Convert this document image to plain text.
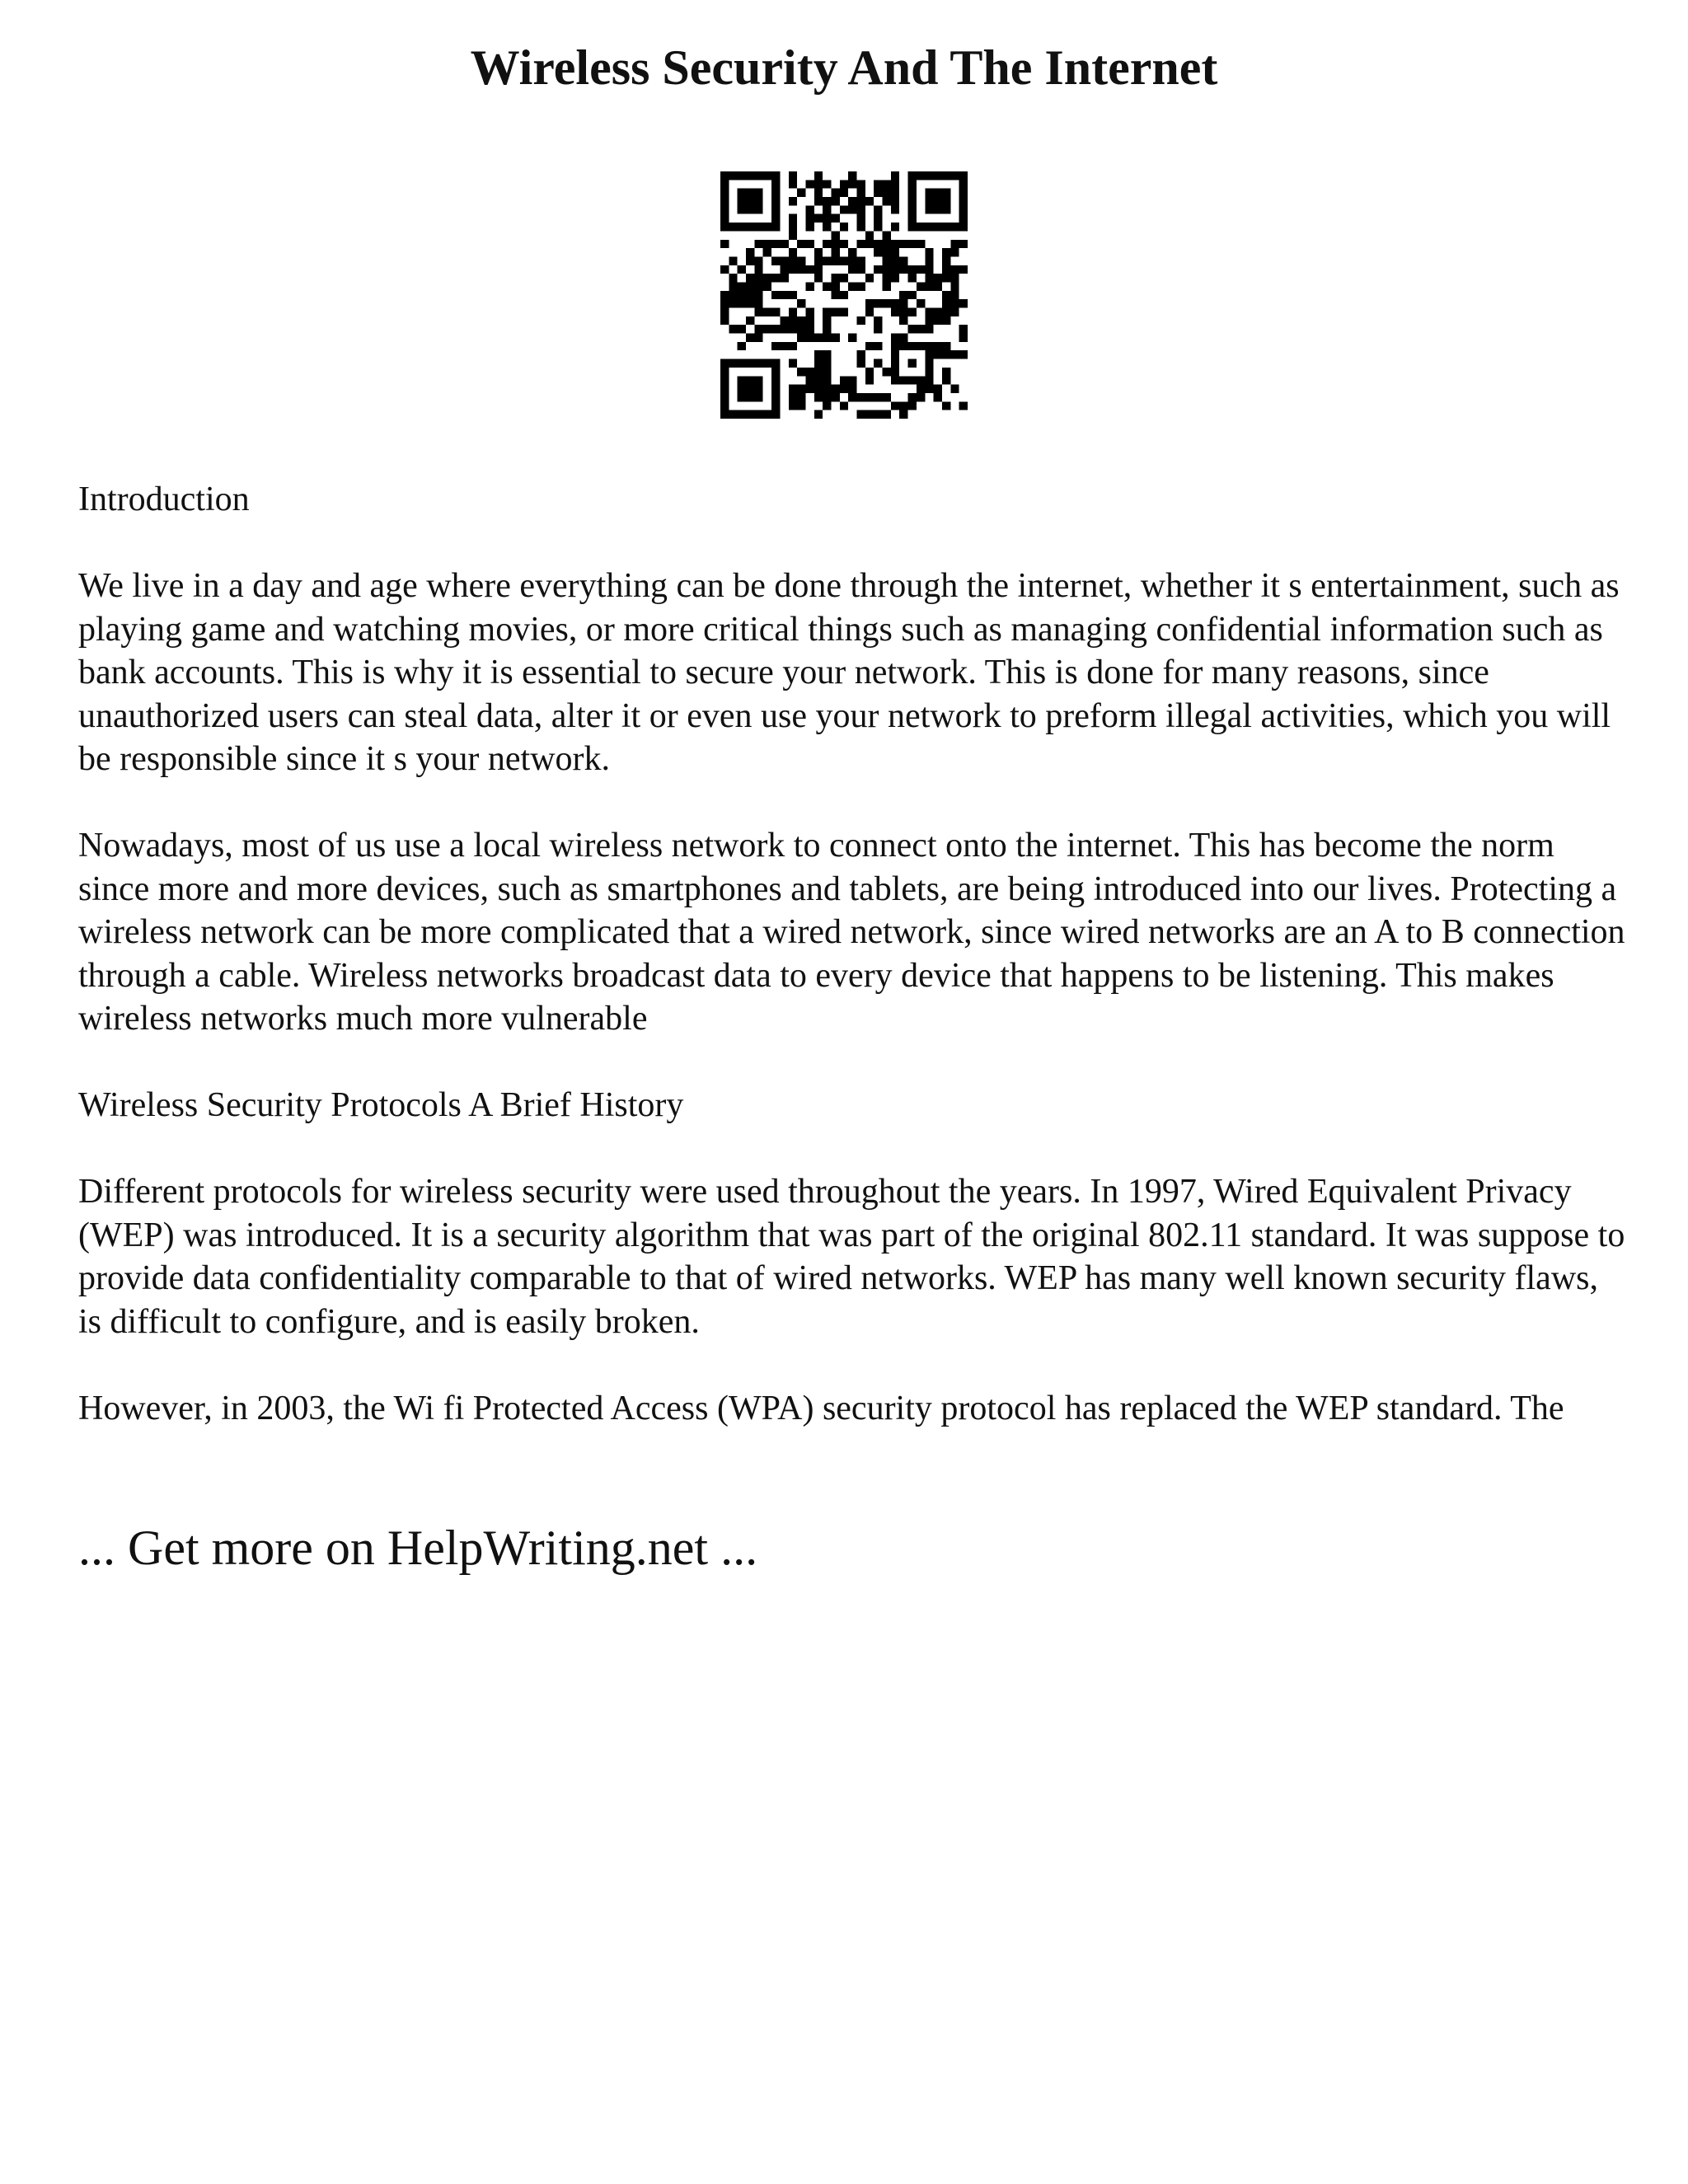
Wireless Security And The Internet

Introduction

We live in a day and age where everything can be done through the internet, whether it s entertainment, such as playing game and watching movies, or more critical things such as managing confidential information such as bank accounts. This is why it is essential to secure your network. This is done for many reasons, since unauthorized users can steal data, alter it or even use your network to preform illegal activities, which you will be responsible since it s your network.

Nowadays, most of us use a local wireless network to connect onto the internet. This has become the norm since more and more devices, such as smartphones and tablets, are being introduced into our lives. Protecting a wireless network can be more complicated that a wired network, since wired networks are an A to B connection through a cable. Wireless networks broadcast data to every device that happens to be listening. This makes wireless networks much more vulnerable

Wireless Security Protocols A Brief History

Different protocols for wireless security were used throughout the years. In 1997, Wired Equivalent Privacy (WEP) was introduced. It is a security algorithm that was part of the original 802.11 standard. It was suppose to provide data confidentiality comparable to that of wired networks. WEP has many well known security flaws, is difficult to configure, and is easily broken.

However, in 2003, the Wi fi Protected Access (WPA) security protocol has replaced the WEP standard. The

... Get more on HelpWriting.net ...
